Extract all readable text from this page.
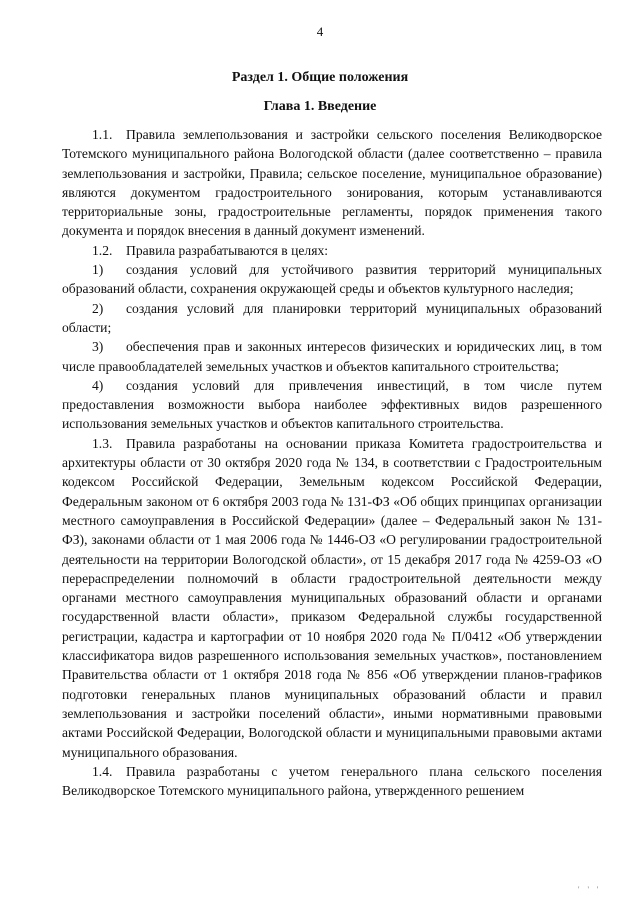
4
Раздел 1. Общие положения
Глава 1. Введение

1.1. Правила землепользования и застройки сельского поселения Великодворское Тотемского муниципального района Вологодской области (далее соответственно – правила землепользования и застройки, Правила; сельское поселение, муниципальное образование) являются документом градостроительного зонирования, которым устанавливаются территориальные зоны, градостроительные регламенты, порядок применения такого документа и порядок внесения в данный документ изменений.

1.2. Правила разрабатываются в целях:

1) создания условий для устойчивого развития территорий муниципальных образований области, сохранения окружающей среды и объектов культурного наследия;

2) создания условий для планировки территорий муниципальных образований области;

3) обеспечения прав и законных интересов физических и юридических лиц, в том числе правообладателей земельных участков и объектов капитального строительства;

4) создания условий для привлечения инвестиций, в том числе путем предоставления возможности выбора наиболее эффективных видов разрешенного использования земельных участков и объектов капитального строительства.

1.3. Правила разработаны на основании приказа Комитета градостроительства и архитектуры области от 30 октября 2020 года № 134, в соответствии с Градостроительным кодексом Российской Федерации, Земельным кодексом Российской Федерации, Федеральным законом от 6 октября 2003 года № 131-ФЗ «Об общих принципах организации местного самоуправления в Российской Федерации» (далее – Федеральный закон № 131-ФЗ), законами области от 1 мая 2006 года № 1446-ОЗ «О регулировании градостроительной деятельности на территории Вологодской области», от 15 декабря 2017 года № 4259-ОЗ «О перераспределении полномочий в области градостроительной деятельности между органами местного самоуправления муниципальных образований области и органами государственной власти области», приказом Федеральной службы государственной регистрации, кадастра и картографии от 10 ноября 2020 года № П/0412 «Об утверждении классификатора видов разрешенного использования земельных участков», постановлением Правительства области от 1 октября 2018 года № 856 «Об утверждении планов-графиков подготовки генеральных планов муниципальных образований области и правил землепользования и застройки поселений области», иными нормативными правовыми актами Российской Федерации, Вологодской области и муниципальными правовыми актами муниципального образования.

1.4. Правила разработаны с учетом генерального плана сельского поселения Великодворское Тотемского муниципального района, утвержденного решением

' ' '
